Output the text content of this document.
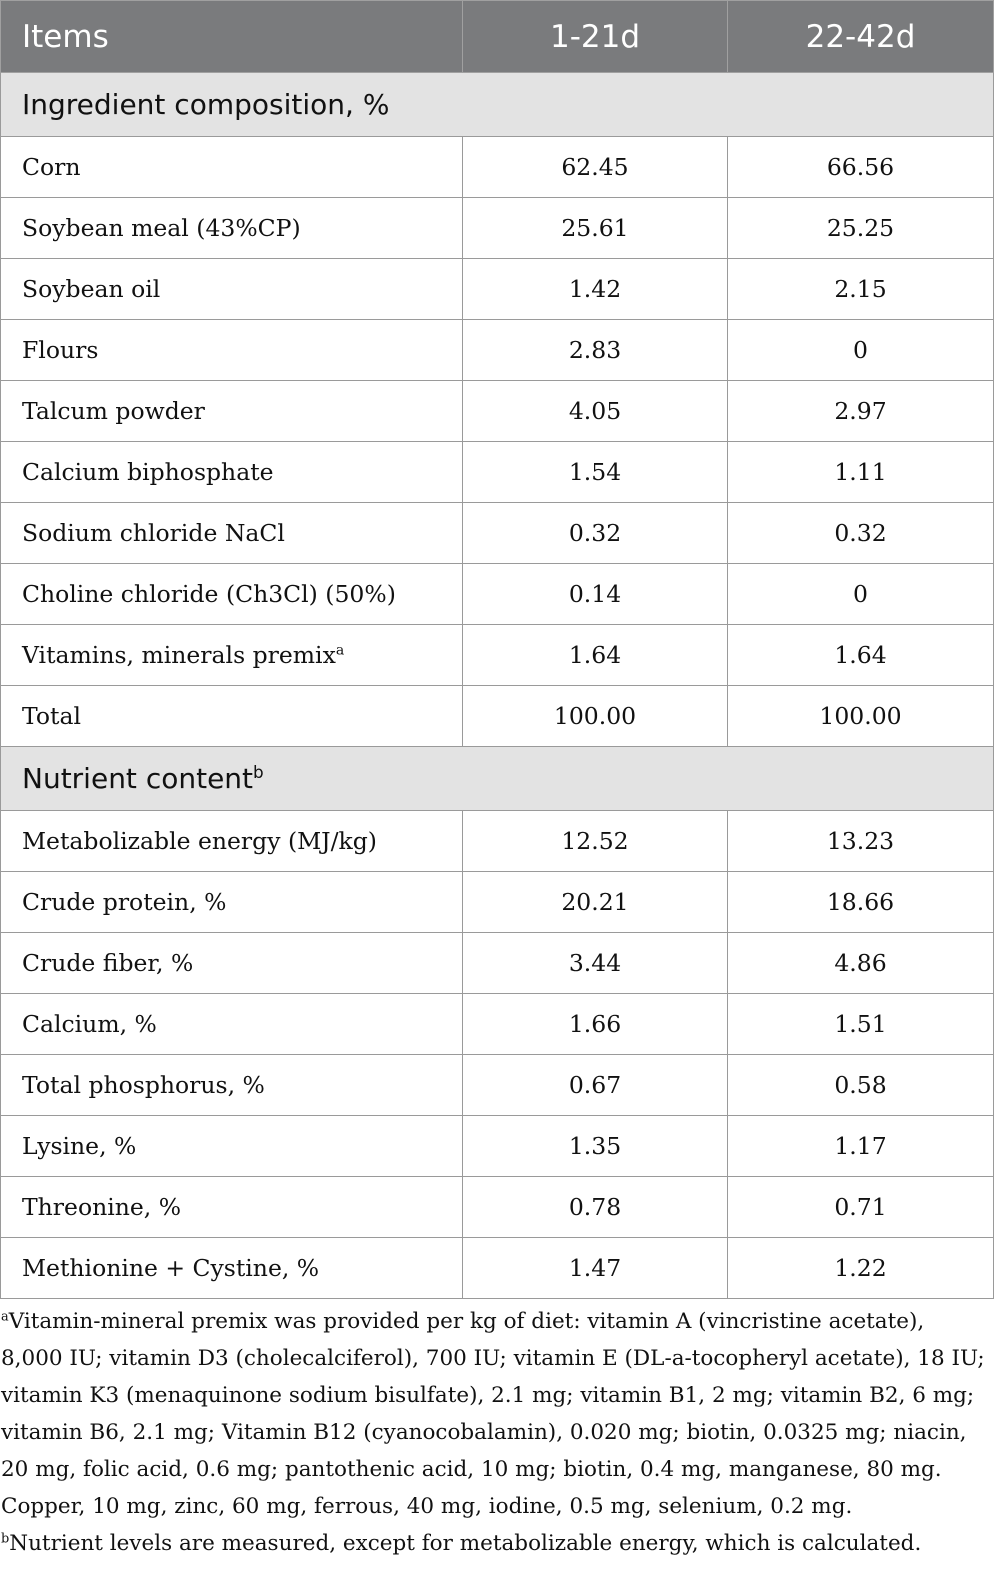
Items	1-21d	22-42d
Ingredient composition, %		
Corn	62.45	66.56
Soybean meal (43%CP)	25.61	25.25
Soybean oil	1.42	2.15
Flours	2.83	0
Talcum powder	4.05	2.97
Calcium biphosphate	1.54	1.11
Sodium chloride NaCl	0.32	0.32
Choline chloride (Ch3Cl) (50%)	0.14	0
Vitamins, minerals premix$^a$	1.64	1.64
Total	100.00	100.00
Nutrient content$^b$
Metabolizable energy (MJ/kg)	12.52	13.23
Crude protein, %	20.21	18.66
Crude fiber, %	3.44	4.86
Calcium, %	1.66	1.51
Total phosphorus, %	0.67	0.58
Lysine, %	1.35	1.17
Threonine, %	0.78	0.71
Methionine + Cystine, %	1.47	1.22

$^a$Vitamin-mineral premix was provided per kg of diet: vitamin A (vincristine acetate), 8,000 IU; vitamin D3 (cholecalciferol), 700 IU; vitamin E (DL-a-tocopheryl acetate), 18 IU; vitamin K3 (menaquinone sodium bisulfate), 2.1 mg; vitamin B1, 2 mg; vitamin B2, 6 mg; vitamin B6, 2.1 mg; Vitamin B12 (cyanocobalamin), 0.020 mg; biotin, 0.0325 mg; niacin, 20 mg, folic acid, 0.6 mg; pantothenic acid, 10 mg; biotin, 0.4 mg, manganese, 80 mg. Copper, 10 mg, zinc, 60 mg, ferrous, 40 mg, iodine, 0.5 mg, selenium, 0.2 mg.

$^b$Nutrient levels are measured, except for metabolizable energy, which is calculated.
